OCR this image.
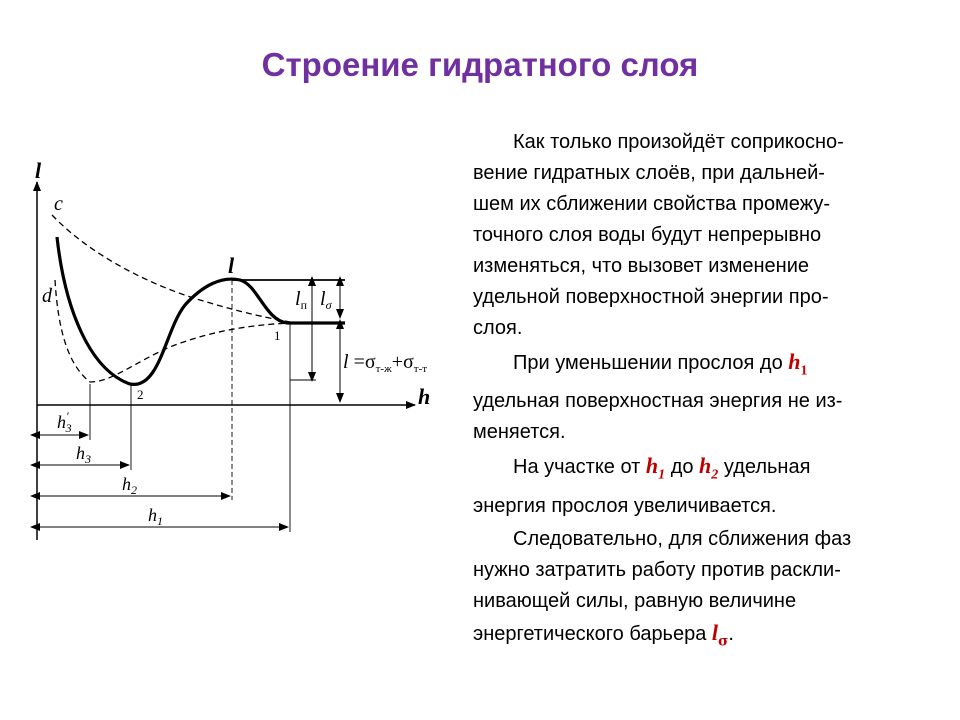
Строение гидратного слоя
l
h
c
d
l
1
2
$l_п$ $l_\sigma$
$l =\sigma_{т-ж}+\sigma_{т-т}$
h' 3
$h_3$
$h_2$
$h_1$

Как только произойдёт соприкосно-
вение гидратных слоёв, при дальней-
шем их сближении свойства промежу-
точного слоя воды будут непрерывно
изменяться, что вызовет изменение
удельной поверхностной энергии про-
слоя.

При уменьшении прослоя до $h_1$
удельная поверхностная энергия не из-
меняется.

На участке от $h_1$ до $h_2$ удельная
энергия прослоя увеличивается.

Следовательно, для сближения фаз
нужно затратить работу против раскли-
нивающей силы, равную величине
энергетического барьера $l_\sigma$.
